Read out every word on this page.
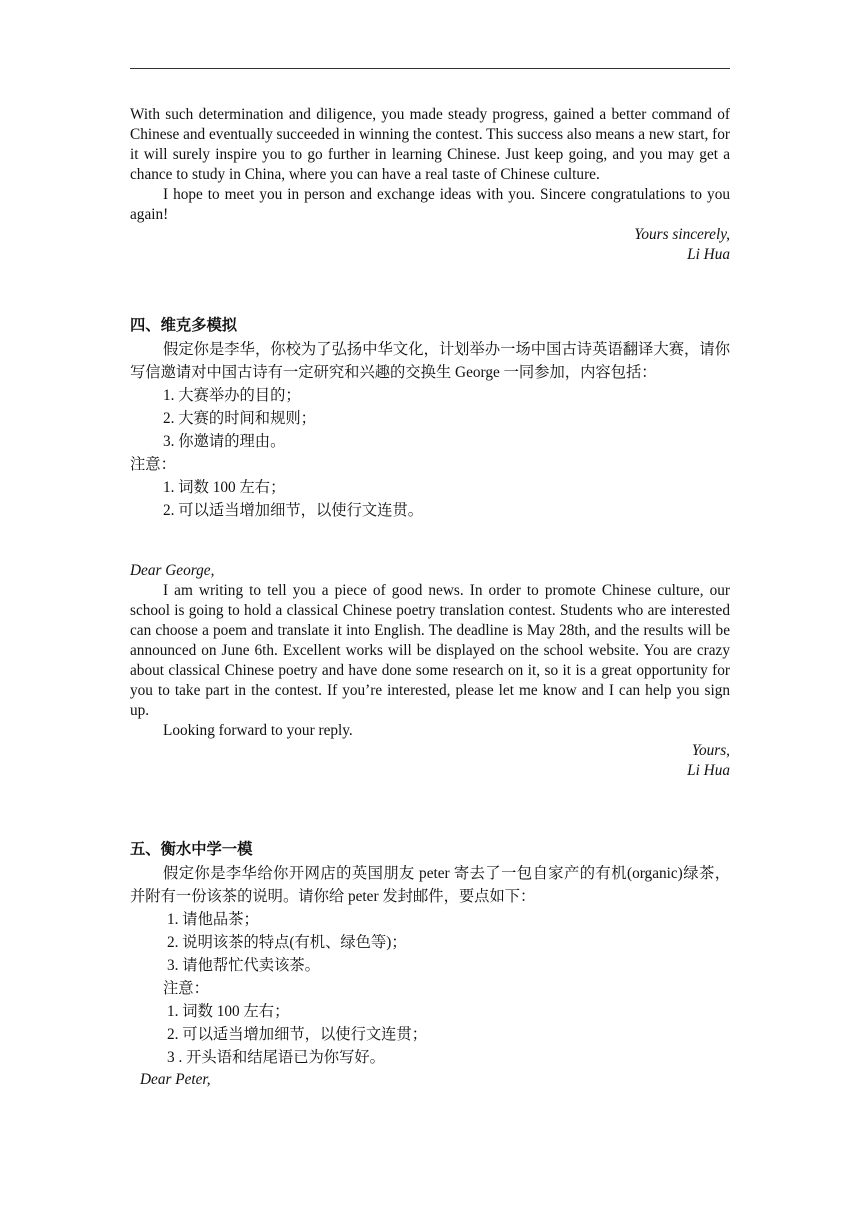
With such determination and diligence, you made steady progress, gained a better command of Chinese and eventually succeeded in winning the contest. This success also means a new start, for it will surely inspire you to go further in learning Chinese. Just keep going, and you may get a chance to study in China, where you can have a real taste of Chinese culture.

I hope to meet you in person and exchange ideas with you. Sincere congratulations to you again!

Yours sincerely,

Li Hua

四、维克多模拟

假定你是李华，你校为了弘扬中华文化，计划举办一场中国古诗英语翻译大赛，请你写信邀请对中国古诗有一定研究和兴趣的交换生 George 一同参加，内容包括：

1. 大赛举办的目的；

2. 大赛的时间和规则；

3. 你邀请的理由。

注意：

1. 词数 100 左右；

2. 可以适当增加细节，以使行文连贯。

Dear George,

I am writing to tell you a piece of good news. In order to promote Chinese culture, our school is going to hold a classical Chinese poetry translation contest. Students who are interested can choose a poem and translate it into English. The deadline is May 28th, and the results will be announced on June 6th. Excellent works will be displayed on the school website. You are crazy about classical Chinese poetry and have done some research on it, so it is a great opportunity for you to take part in the contest. If you’re interested, please let me know and I can help you sign up.

Looking forward to your reply.

Yours,

Li Hua

五、衡水中学一模

假定你是李华给你开网店的英国朋友 peter 寄去了一包自家产的有机(organic)绿茶，并附有一份该茶的说明。请你给 peter 发封邮件，要点如下：

1. 请他品茶；

2. 说明该茶的特点(有机、绿色等)；

3. 请他帮忙代卖该茶。

注意：

1. 词数 100 左右；

2. 可以适当增加细节，以使行文连贯；

3 . 开头语和结尾语已为你写好。

Dear Peter,
